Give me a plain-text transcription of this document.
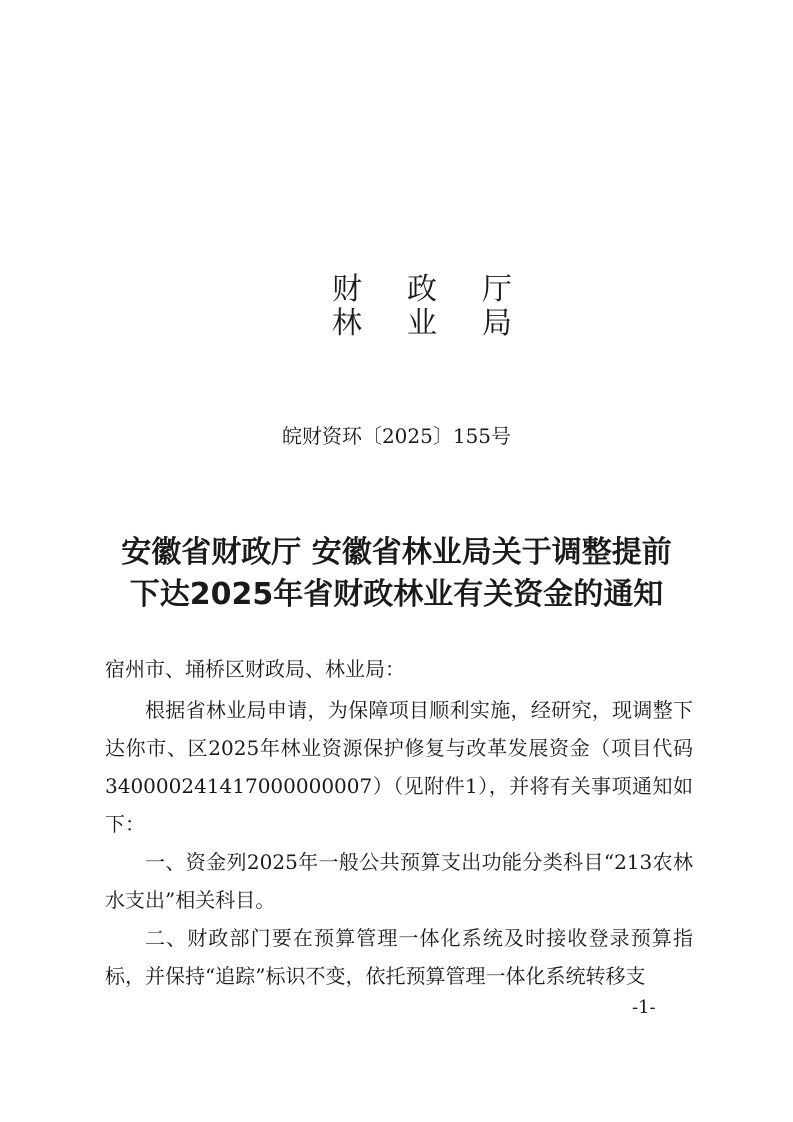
财 政 厅
林 业 局
皖财资环〔2025〕155号
安徽省财政厅 安徽省林业局关于调整提前
下达2025年省财政林业有关资金的通知
宿州市、埇桥区财政局、林业局：
根据省林业局申请，为保障项目顺利实施，经研究，现调整下达你市、区2025年林业资源保护修复与改革发展资金（项目代码340000241417000000007）（见附件1），并将有关事项通知如下：
一、资金列2025年一般公共预算支出功能分类科目“213农林水支出”相关科目。
二、财政部门要在预算管理一体化系统及时接收登录预算指标，并保持“追踪”标识不变，依托预算管理一体化系统转移支
-1-
